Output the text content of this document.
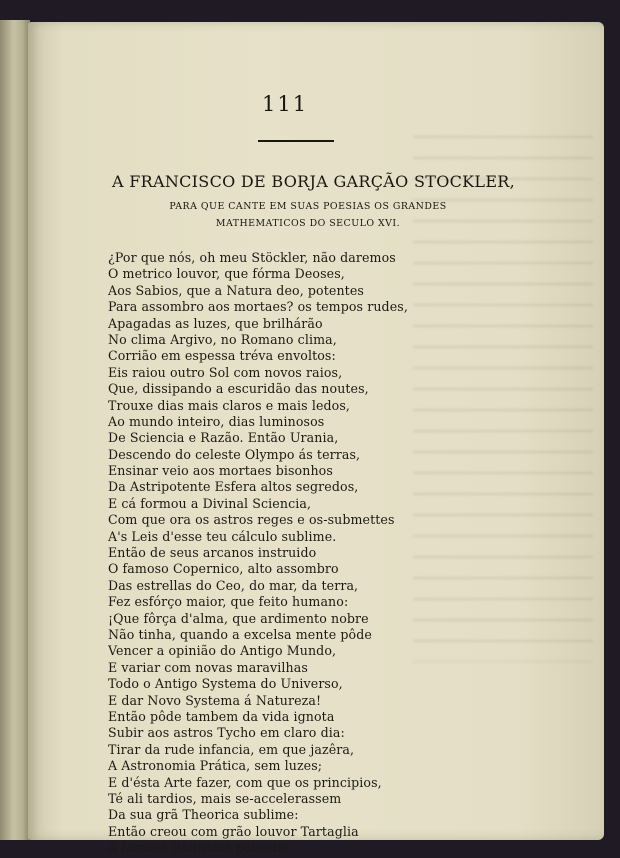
111
A FRANCISCO DE BORJA GARÇÃO STOCKLER,
PARA QUE CANTE EM SUAS POESIAS OS GRANDES
MATHEMATICOS DO SECULO XVI.
¿Por que nós, oh meu Stöckler, não daremos
O metrico louvor, que fórma Deoses,
Aos Sabios, que a Natura deo, potentes
Para assombro aos mortaes? os tempos rudes,
Apagadas as luzes, que brilhárão
No clima Argivo, no Romano clima,
Corrião em espessa tréva envoltos:
Eis raiou outro Sol com novos raios,
Que, dissipando a escuridão das noutes,
Trouxe dias mais claros e mais ledos,
Ao mundo inteiro, dias luminosos
De Sciencia e Razão. Então Urania,
Descendo do celeste Olympo ás terras,
Ensinar veio aos mortaes bisonhos
Da Astripotente Esfera altos segredos,
E cá formou a Divinal Sciencia,
Com que ora os astros reges e os-submettes
A's Leis d'esse teu cálculo sublime.
Então de seus arcanos instruido
O famoso Copernico, alto assombro
Das estrellas do Ceo, do mar, da terra,
Fez esfórço maior, que feito humano:
¡Que fôrça d'alma, que ardimento nobre
Não tinha, quando a excelsa mente pôde
Vencer a opinião do Antigo Mundo,
E variar com novas maravilhas
Todo o Antigo Systema do Universo,
E dar Novo Systema á Natureza!
Então pôde tambem da vida ignota
Subir aos astros Tycho em claro dia:
Tirar da rude infancia, em que jazêra,
A Astronomia Prática, sem luzes;
E d'ésta Arte fazer, com que os principios,
Té ali tardios, mais se-accelerassem
Da sua grã Theorica sublime:
Então creou com grão louvor Tartaglia
A famosa Ballistica potente;
